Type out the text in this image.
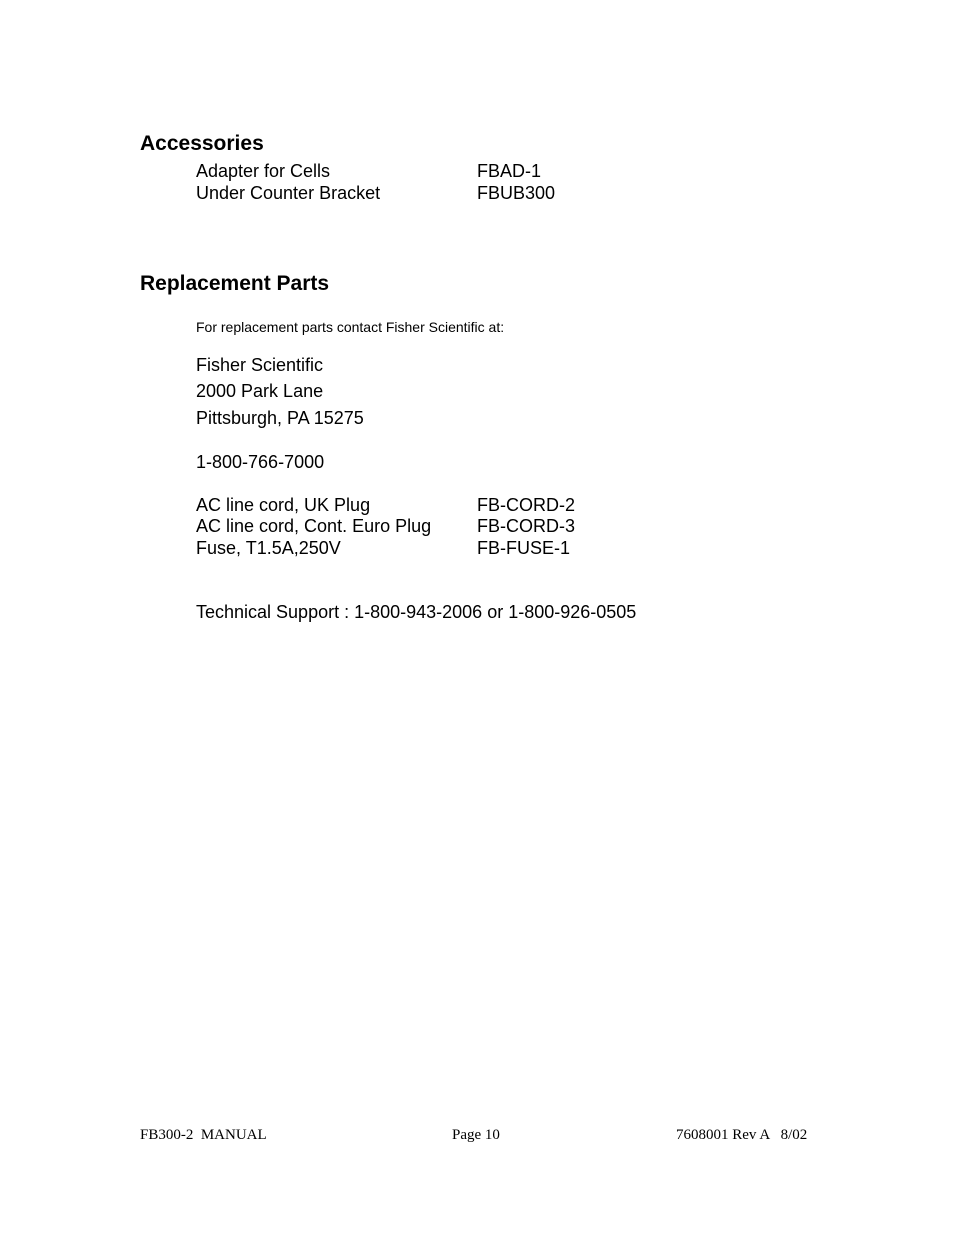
Accessories
Adapter for Cells	FBAD-1
Under Counter Bracket	FBUB300
Replacement Parts
For replacement parts contact Fisher Scientific at:
Fisher Scientific
2000 Park Lane
Pittsburgh, PA 15275
1-800-766-7000
AC line cord, UK Plug	FB-CORD-2
AC line cord, Cont. Euro Plug	FB-CORD-3
Fuse, T1.5A,250V	FB-FUSE-1
Technical Support : 1-800-943-2006 or 1-800-926-0505
FB300-2  MANUAL	Page 10	7608001 Rev A   8/02
